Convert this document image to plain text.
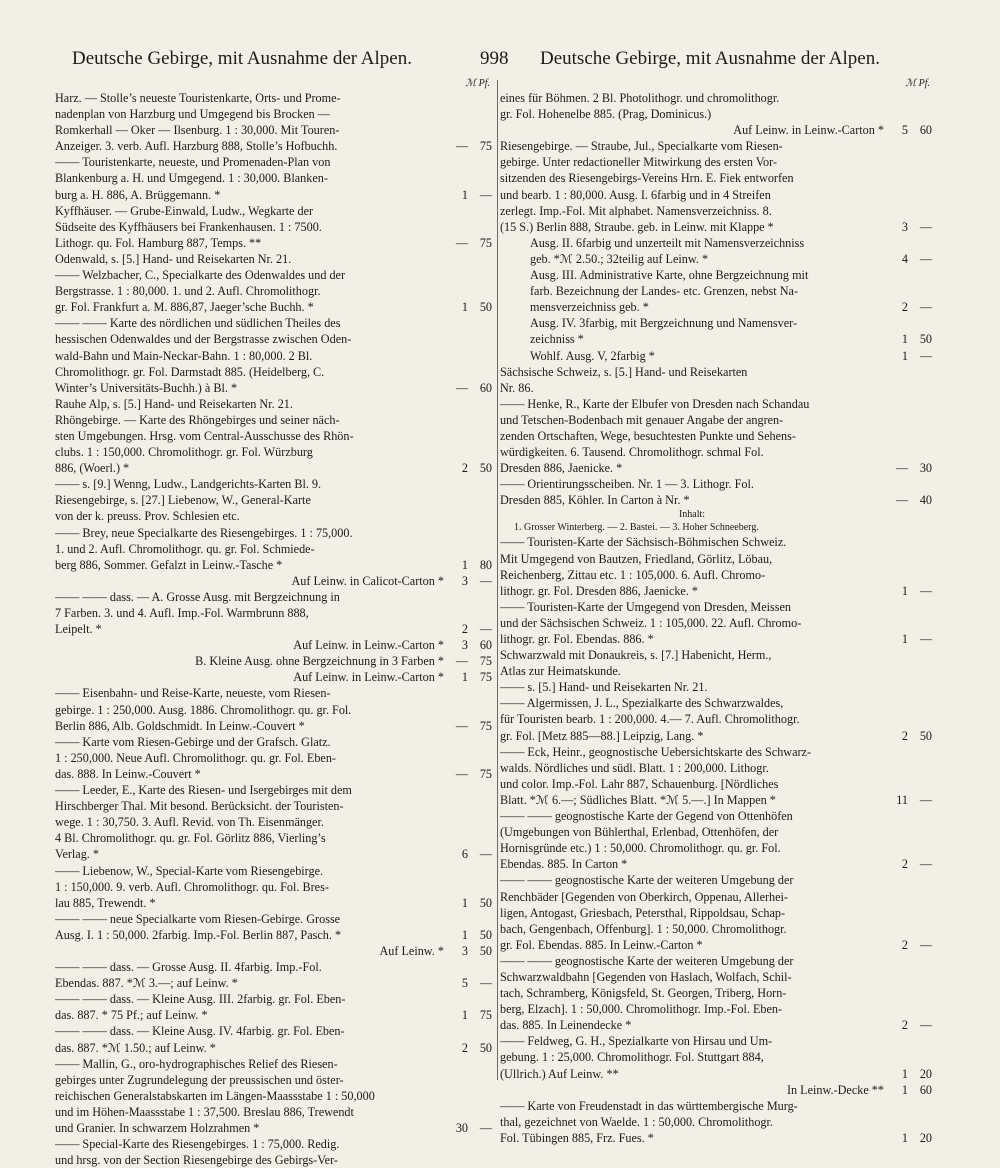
Deutsche Gebirge, mit Ausnahme der Alpen.	998 Deutsche Gebirge, mit Ausnahme der Alpen.
ℳ Pf.
Harz. — Stolle’s neueste Touristenkarte, Orts- und Prome-
nadenplan von Harzburg und Umgegend bis Brocken —
Romkerhall — Oker — Ilsenburg. 1 : 30,000. Mit Touren-
Anzeiger. 3. verb. Aufl. Harzburg 888, Stolle’s Hofbuchh.	— 75
—— Touristenkarte, neueste, und Promenaden-Plan von
Blankenburg a. H. und Umgegend. 1 : 30,000. Blanken-
burg a. H. 886, A. Brüggemann. *	1 —
Kyffhäuser. — Grube-Einwald, Ludw., Wegkarte der
Südseite des Kyffhäusers bei Frankenhausen. 1 : 7500.
Lithogr. qu. Fol. Hamburg 887, Temps. **	— 75
Odenwald, s. [5.] Hand- und Reisekarten Nr. 21.
—— Welzbacher, C., Specialkarte des Odenwaldes und der
Bergstrasse. 1 : 80,000. 1. und 2. Aufl. Chromolithogr.
gr. Fol. Frankfurt a. M. 886,87, Jaeger’sche Buchh. *	1 50
—— —— Karte des nördlichen und südlichen Theiles des
hessischen Odenwaldes und der Bergstrasse zwischen Oden-
wald-Bahn und Main-Neckar-Bahn. 1 : 80,000. 2 Bl.
Chromolithogr. gr. Fol. Darmstadt 885. (Heidelberg, C.
Winter’s Universitäts-Buchh.) à Bl. *	— 60
Rauhe Alp, s. [5.] Hand- und Reisekarten Nr. 21.
Rhöngebirge. — Karte des Rhöngebirges und seiner näch-
sten Umgebungen. Hrsg. vom Central-Ausschusse des Rhön-
clubs. 1 : 150,000. Chromolithogr. gr. Fol. Würzburg
886, (Woerl.) *	2 50
—— s. [9.] Wenng, Ludw., Landgerichts-Karten Bl. 9.
Riesengebirge, s. [27.] Liebenow, W., General-Karte
von der k. preuss. Prov. Schlesien etc.
—— Brey, neue Specialkarte des Riesengebirges. 1 : 75,000.
1. und 2. Aufl. Chromolithogr. qu. gr. Fol. Schmiede-
berg 886, Sommer. Gefalzt in Leinw.-Tasche *	1 80
Auf Leinw. in Calicot-Carton *	3 —
—— —— dass. — A. Grosse Ausg. mit Bergzeichnung in
7 Farben. 3. und 4. Aufl. Imp.-Fol. Warmbrunn 888,
Leipelt. *	2 —
Auf Leinw. in Leinw.-Carton *	3 60
B. Kleine Ausg. ohne Bergzeichnung in 3 Farben * — 75
Auf Leinw. in Leinw.-Carton *	1 75
—— Eisenbahn- und Reise-Karte, neueste, vom Riesen-
gebirge. 1 : 250,000. Ausg. 1886. Chromolithogr. qu. gr. Fol.
Berlin 886, Alb. Goldschmidt. In Leinw.-Couvert *	— 75
—— Karte vom Riesen-Gebirge und der Grafsch. Glatz.
1 : 250,000. Neue Aufl. Chromolithogr. qu. gr. Fol. Eben-
das. 888. In Leinw.-Couvert *	— 75
—— Leeder, E., Karte des Riesen- und Isergebirges mit dem
Hirschberger Thal. Mit besond. Berücksicht. der Touristen-
wege. 1 : 30,750. 3. Aufl. Revid. von Th. Eisenmänger.
4 Bl. Chromolithogr. qu. gr. Fol. Görlitz 886, Vierling’s
Verlag. *	6 —
—— Liebenow, W., Special-Karte vom Riesengebirge.
1 : 150,000. 9. verb. Aufl. Chromolithogr. qu. Fol. Bres-
lau 885, Trewendt. *	1 50
—— —— neue Specialkarte vom Riesen-Gebirge. Grosse
Ausg. I. 1 : 50,000. 2farbig. Imp.-Fol. Berlin 887, Pasch. *	1 50
Auf Leinw. *	3 50
—— —— dass. — Grosse Ausg. II. 4farbig. Imp.-Fol.
Ebendas. 887. *ℳ 3.—; auf Leinw. *	5 —
—— —— dass. — Kleine Ausg. III. 2farbig. gr. Fol. Eben-
das. 887. * 75 Pf.; auf Leinw. *	1 75
—— —— dass. — Kleine Ausg. IV. 4farbig. gr. Fol. Eben-
das. 887. *ℳ 1.50.; auf Leinw. *	2 50
—— Mallin, G., oro-hydrographisches Relief des Riesen-
gebirges unter Zugrundelegung der preussischen und öster-
reichischen Generalstabskarten im Längen-Maassstabe 1 : 50,000
und im Höhen-Maassstabe 1 : 37,500. Breslau 886, Trewendt
und Granier. In schwarzem Holzrahmen *	30 —
—— Special-Karte des Riesengebirges. 1 : 75,000. Redig.
und hrsg. von der Section Riesengebirge des Gebirgs-Ver-
ℳ Pf.
eines für Böhmen. 2 Bl. Photolithogr. und chromolithogr.
gr. Fol. Hohenelbe 885. (Prag, Dominicus.)
Auf Leinw. in Leinw.-Carton *	5 60
Riesengebirge. — Straube, Jul., Specialkarte vom Riesen-
gebirge. Unter redactioneller Mitwirkung des ersten Vor-
sitzenden des Riesengebirgs-Vereins Hrn. E. Fiek entworfen
und bearb. 1 : 80,000. Ausg. I. 6farbig und in 4 Streifen
zerlegt. Imp.-Fol. Mit alphabet. Namensverzeichniss. 8.
(15 S.) Berlin 888, Straube. geb. in Leinw. mit Klappe *	3 —
Ausg. II. 6farbig und unzerteilt mit Namensverzeichniss
geb. *ℳ 2.50.; 32teilig auf Leinw. *	4 —
Ausg. III. Administrative Karte, ohne Bergzeichnung mit
farb. Bezeichnung der Landes- etc. Grenzen, nebst Na-
mensverzeichniss geb. *	2 —
Ausg. IV. 3farbig, mit Bergzeichnung und Namensver-
zeichniss *	1 50
Wohlf. Ausg. V, 2farbig *	1 —
Sächsische Schweiz, s. [5.] Hand- und Reisekarten
Nr. 86.
—— Henke, R., Karte der Elbufer von Dresden nach Schandau
und Tetschen-Bodenbach mit genauer Angabe der angren-
zenden Ortschaften, Wege, besuchtesten Punkte und Sehens-
würdigkeiten. 6. Tausend. Chromolithogr. schmal Fol.
Dresden 886, Jaenicke. *	— 30
—— Orientirungsscheiben. Nr. 1 — 3. Lithogr. Fol.
Dresden 885, Köhler. In Carton à Nr. *	— 40
Inhalt:
1. Grosser Winterberg. — 2. Bastei. — 3. Hoher Schneeberg.
—— Touristen-Karte der Sächsisch-Böhmischen Schweiz.
Mit Umgegend von Bautzen, Friedland, Görlitz, Löbau,
Reichenberg, Zittau etc. 1 : 105,000. 6. Aufl. Chromo-
lithogr. gr. Fol. Dresden 886, Jaenicke. *	1 —
—— Touristen-Karte der Umgegend von Dresden, Meissen
und der Sächsischen Schweiz. 1 : 105,000. 22. Aufl. Chromo-
lithogr. gr. Fol. Ebendas. 886. *	1 —
Schwarzwald mit Donaukreis, s. [7.] Habenicht, Herm.,
Atlas zur Heimatskunde.
—— s. [5.] Hand- und Reisekarten Nr. 21.
—— Algermissen, J. L., Spezialkarte des Schwarzwaldes,
für Touristen bearb. 1 : 200,000. 4.— 7. Aufl. Chromolithogr.
gr. Fol. [Metz 885—88.] Leipzig, Lang. *	2 50
—— Eck, Heinr., geognostische Uebersichtskarte des Schwarz-
walds. Nördliches und südl. Blatt. 1 : 200,000. Lithogr.
und color. Imp.-Fol. Lahr 887, Schauenburg. [Nördliches
Blatt. *ℳ 6.—; Südliches Blatt. *ℳ 5.—.] In Mappen *	11 —
—— —— geognostische Karte der Gegend von Ottenhöfen
(Umgebungen von Bühlerthal, Erlenbad, Ottenhöfen, der
Hornisgründe etc.) 1 : 50,000. Chromolithogr. qu. gr. Fol.
Ebendas. 885. In Carton *	2 —
—— —— geognostische Karte der weiteren Umgebung der
Renchbäder [Gegenden von Oberkirch, Oppenau, Allerhei-
ligen, Antogast, Griesbach, Petersthal, Rippoldsau, Schap-
bach, Gengenbach, Offenburg]. 1 : 50,000. Chromolithogr.
gr. Fol. Ebendas. 885. In Leinw.-Carton *	2 —
—— —— geognostische Karte der weiteren Umgebung der
Schwarzwaldbahn [Gegenden von Haslach, Wolfach, Schil-
tach, Schramberg, Königsfeld, St. Georgen, Triberg, Horn-
berg, Elzach]. 1 : 50,000. Chromolithogr. Imp.-Fol. Eben-
das. 885. In Leinendecke *	2 —
—— Feldweg, G. H., Spezialkarte von Hirsau und Um-
gebung. 1 : 25,000. Chromolithogr. Fol. Stuttgart 884,
(Ullrich.) Auf Leinw. **	1 20
In Leinw.-Decke **	1 60
—— Karte von Freudenstadt in das württembergische Murg-
thal, gezeichnet von Waelde. 1 : 50,000. Chromolithogr.
Fol. Tübingen 885, Frz. Fues. *	1 20
